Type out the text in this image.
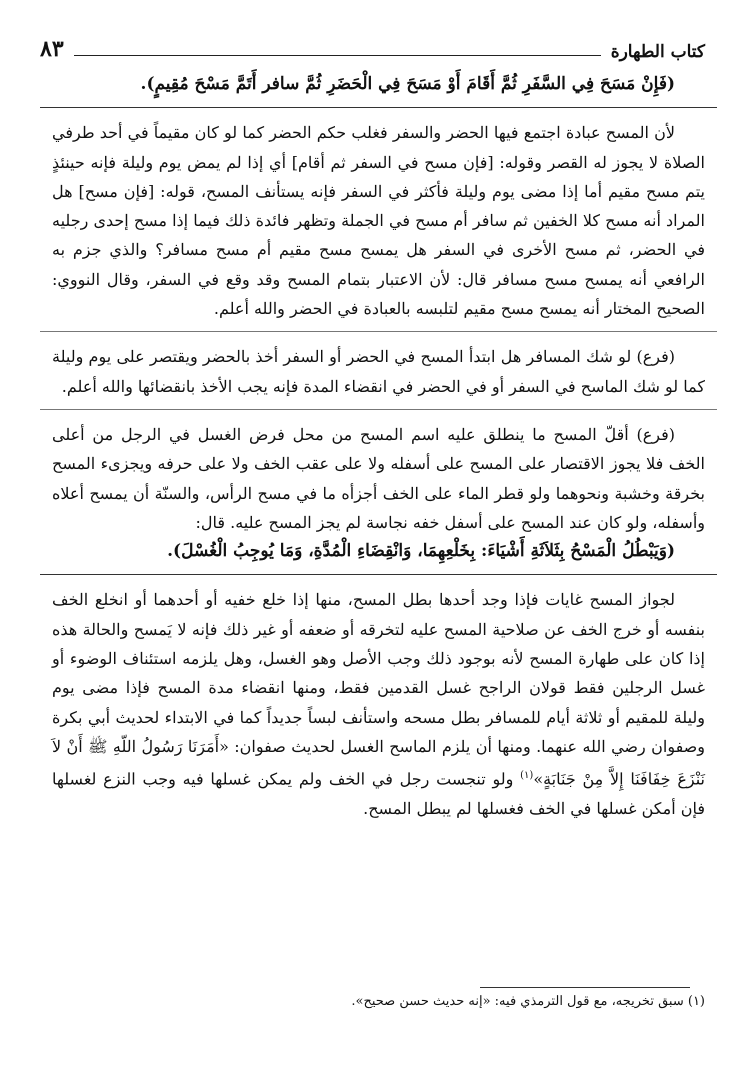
كتاب الطهارة
٨٣

(فَإِنْ مَسَحَ فِي السَّفَرِ ثُمَّ أَقَامَ أَوْ مَسَحَ فِي الْحَضَرِ ثُمَّ سافر أَتَمَّ مَسْحَ مُقِيمٍ).

لأن المسح عبادة اجتمع فيها الحضر والسفر فغلب حكم الحضر كما لو كان مقيماً في أحد طرفي الصلاة لا يجوز له القصر وقوله: [فإن مسح في السفر ثم أقام] أي إذا لم يمض يوم وليلة فإنه حينئذٍ يتم مسح مقيم أما إذا مضى يوم وليلة فأكثر في السفر فإنه يستأنف المسح، قوله: [فإن مسح] هل المراد أنه مسح كلا الخفين ثم سافر أم مسح في الجملة وتظهر فائدة ذلك فيما إذا مسح إحدى رجليه في الحضر، ثم مسح الأخرى في السفر هل يمسح مسح مقيم أم مسح مسافر؟ والذي جزم به الرافعي أنه يمسح مسح مسافر قال: لأن الاعتبار بتمام المسح وقد وقع في السفر، وقال النووي: الصحيح المختار أنه يمسح مسح مقيم لتلبسه بالعبادة في الحضر والله أعلم.

(فرع) لو شك المسافر هل ابتدأ المسح في الحضر أو السفر أخذ بالحضر ويقتصر على يوم وليلة كما لو شك الماسح في السفر أو في الحضر في انقضاء المدة فإنه يجب الأخذ بانقضائها والله أعلم.

(فرع) أقلّ المسح ما ينطلق عليه اسم المسح من محل فرض الغسل في الرجل من أعلى الخف فلا يجوز الاقتصار على المسح على أسفله ولا على عقب الخف ولا على حرفه ويجزىء المسح بخرقة وخشبة ونحوهما ولو قطر الماء على الخف أجزأه ما في مسح الرأس، والسنّة أن يمسح أعلاه وأسفله، ولو كان عند المسح على أسفل خفه نجاسة لم يجز المسح عليه. قال:

(وَيَبْطُلُ الْمَسْحُ بِثَلاَثَةِ أَشْيَاءَ: بِخَلْعِهِمَا، وَانْقِضَاءِ الْمُدَّةِ، وَمَا يُوجِبُ الْغُسْلَ).

لجواز المسح غايات فإذا وجد أحدها بطل المسح، منها إذا خلع خفيه أو أحدهما أو انخلع الخف بنفسه أو خرج الخف عن صلاحية المسح عليه لتخرقه أو ضعفه أو غير ذلك فإنه لا يَمسح والحالة هذه إذا كان على طهارة المسح لأنه بوجود ذلك وجب الأصل وهو الغسل، وهل يلزمه استئناف الوضوء أو غسل الرجلين فقط قولان الراجح غسل القدمين فقط، ومنها انقضاء مدة المسح فإذا مضى يوم وليلة للمقيم أو ثلاثة أيام للمسافر بطل مسحه واستأنف لبساً جديداً كما في الابتداء لحديث أبي بكرة وصفوان رضي الله عنهما. ومنها أن يلزم الماسح الغسل لحديث صفوان: «أَمَرَنَا رَسُولُ اللّهِ ﷺ أَنْ لاَ نَنْزَعَ خِفَافَنَا إِلاَّ مِنْ جَنَابَةٍ»$^{(١)}$ ولو تنجست رجل في الخف ولم يمكن غسلها فيه وجب النزع لغسلها فإن أمكن غسلها في الخف فغسلها لم يبطل المسح.

(١) سبق تخريجه، مع قول الترمذي فيه: «إنه حديث حسن صحيح».
